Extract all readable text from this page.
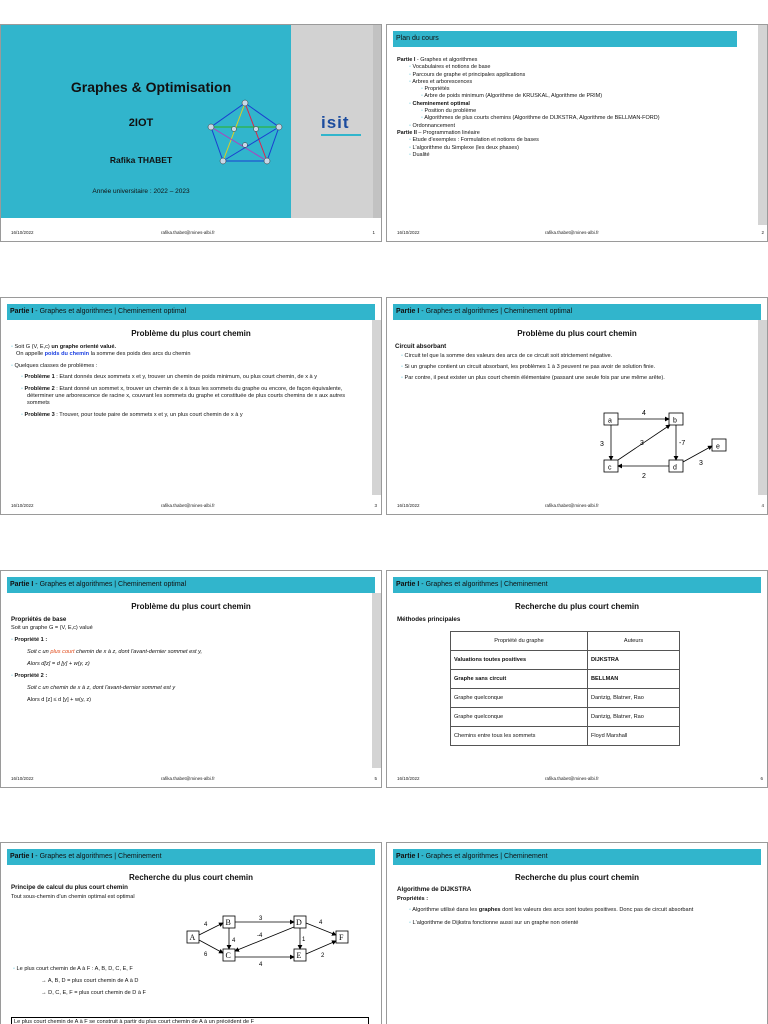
Graphes & Optimisation
2IOT
Rafika THABET
Année universitaire : 2022 – 2023
isit
16/10/2022	rafika.thabet@mines-albi.fr	1
Plan du cours
Partie I - Graphes et algorithmes
◦ Vocabulaires et notions de base
◦ Parcours de graphe et principales applications
◦ Arbres et arborescences
◦ Propriétés
◦ Arbre de poids minimum (Algorithme de KRUSKAL, Algorithme de PRIM)
◦ Cheminement optimal
◦ Position du problème
◦ Algorithmes de plus courts chemins (Algorithme de DIJKSTRA, Algorithme de BELLMAN-FORD)
◦ Ordonnancement
Partie II – Programmation linéaire
◦ Etude d'exemples : Formulation et notions de bases
◦ L'algorithme du Simplexe (les deux phases)
◦ Dualité
16/10/2022	rafika.thabet@mines-albi.fr	2
Partie I - Graphes et algorithmes | Cheminement optimal
Problème du plus court chemin
◦ Soit G (V, E,c) un graphe orienté valué.
On appelle poids du chemin la somme des poids des arcs du chemin
◦ Quelques classes de problèmes :
◦ Problème 1 : Etant donnés deux sommets x et y, trouver un chemin de poids minimum, ou plus court chemin, de x à y
◦ Problème 2 : Etant donné un sommet x, trouver un chemin de x à tous les sommets du graphe ou encore, de façon équivalente, déterminer une arborescence de racine x, couvrant les sommets du graphe et constituée de plus courts chemins de x aux autres sommets
◦ Problème 3 : Trouver, pour toute paire de sommets x et y, un plus court chemin de x à y
16/10/2022	rafika.thabet@mines-albi.fr	3
Partie I - Graphes et algorithmes | Cheminement optimal
Problème du plus court chemin
Circuit absorbant
◦ Circuit tel que la somme des valeurs des arcs de ce circuit soit strictement négative.
◦ Si un graphe contient un circuit absorbant, les problèmes 1 à 3 peuvent ne pas avoir de solution finie.
◦ Par contre, il peut exister un plus court chemin élémentaire (passant une seule fois par une même arête).
a	b
c	d
e
4
3	3	-7
2
3
16/10/2022	rafika.thabet@mines-albi.fr	4
Partie I - Graphes et algorithmes | Cheminement optimal
Problème du plus court chemin
Propriétés de base
Soit un graphe G = (V, E,c) valué
◦ Propriété 1 :
Soit c un plus court chemin de x à z, dont l'avant-dernier sommet est y,
Alors d[z] = d [y] + w(y, z)
◦ Propriété 2 :
Soit c un chemin de x à z, dont l'avant-dernier sommet est y
Alors d [z] ≤ d [y] + w(y, z)
16/10/2022	rafika.thabet@mines-albi.fr	5
Partie I - Graphes et algorithmes | Cheminement
Recherche du plus court chemin
Méthodes principales
Propriété du graphe	Auteurs
Valuations toutes positives	DIJKSTRA
Graphe sans circuit	BELLMAN
Graphe quelconque	Dantzig, Blatner, Rao
Graphe quelconque	Dantzig, Blatner, Rao
Chemins entre tous les sommets	Floyd Marshall
16/10/2022	rafika.thabet@mines-albi.fr	6
Partie I - Graphes et algorithmes | Cheminement
Recherche du plus court chemin
Principe de calcul du plus court chemin
Tout sous-chemin d'un chemin optimal est optimal
A
B
C
D
E
F
4
6
4
3
-4
4
1
4
2
◦ Le plus court chemin de A à F : A, B, D, C, E, F
→ A, B, D = plus court chemin de A à D
→ D, C, E, F = plus court chemin de D à F
Le plus court chemin de A à F se construit à partir du plus court chemin de A à un précédent de F
Partie I - Graphes et algorithmes | Cheminement
Recherche du plus court chemin
Algorithme de DIJKSTRA
Propriétés :
◦ Algorithme utilisé dans les graphes dont les valeurs des arcs sont toutes positives. Donc pas de circuit absorbant
◦ L'algorithme de Dijkstra fonctionne aussi sur un graphe non orienté
